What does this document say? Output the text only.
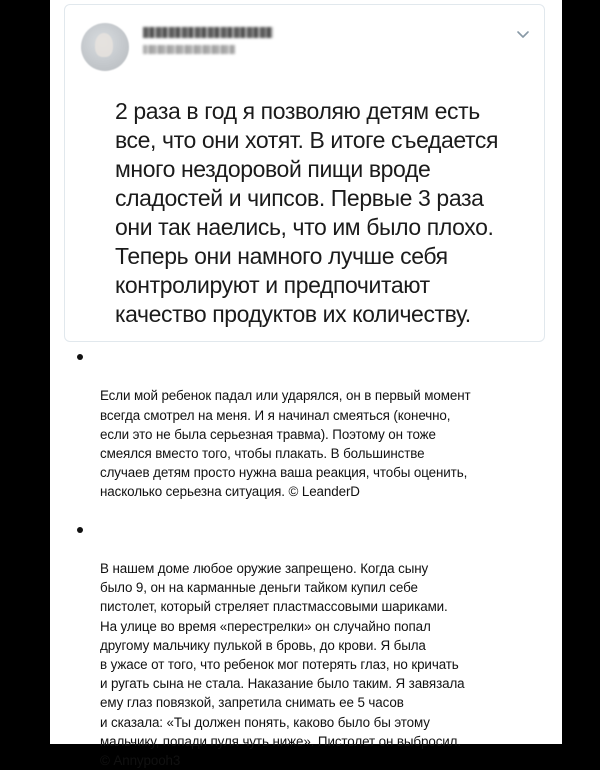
2 раза в год я позволяю детям есть
все, что они хотят. В итоге съедается
много нездоровой пищи вроде
сладостей и чипсов. Первые 3 раза
они так наелись, что им было плохо.
Теперь они намного лучше себя
контролируют и предпочитают
качество продуктов их количеству.

Если мой ребенок падал или ударялся, он в первый момент
всегда смотрел на меня. И я начинал смеяться (конечно,
если это не была серьезная травма). Поэтому он тоже
смеялся вместо того, чтобы плакать. В большинстве
случаев детям просто нужна ваша реакция, чтобы оценить,
насколько серьезна ситуация. © LeanderD

В нашем доме любое оружие запрещено. Когда сыну
было 9, он на карманные деньги тайком купил себе
пистолет, который стреляет пластмассовыми шариками.
На улице во время «перестрелки» он случайно попал
другому мальчику пулькой в бровь, до крови. Я была
в ужасе от того, что ребенок мог потерять глаз, но кричать
и ругать сына не стала. Наказание было таким. Я завязала
ему глаз повязкой, запретила снимать ее 5 часов
и сказала: «Ты должен понять, каково было бы этому
мальчику, попади пуля чуть ниже». Пистолет он выбросил.
© Annypooh3
